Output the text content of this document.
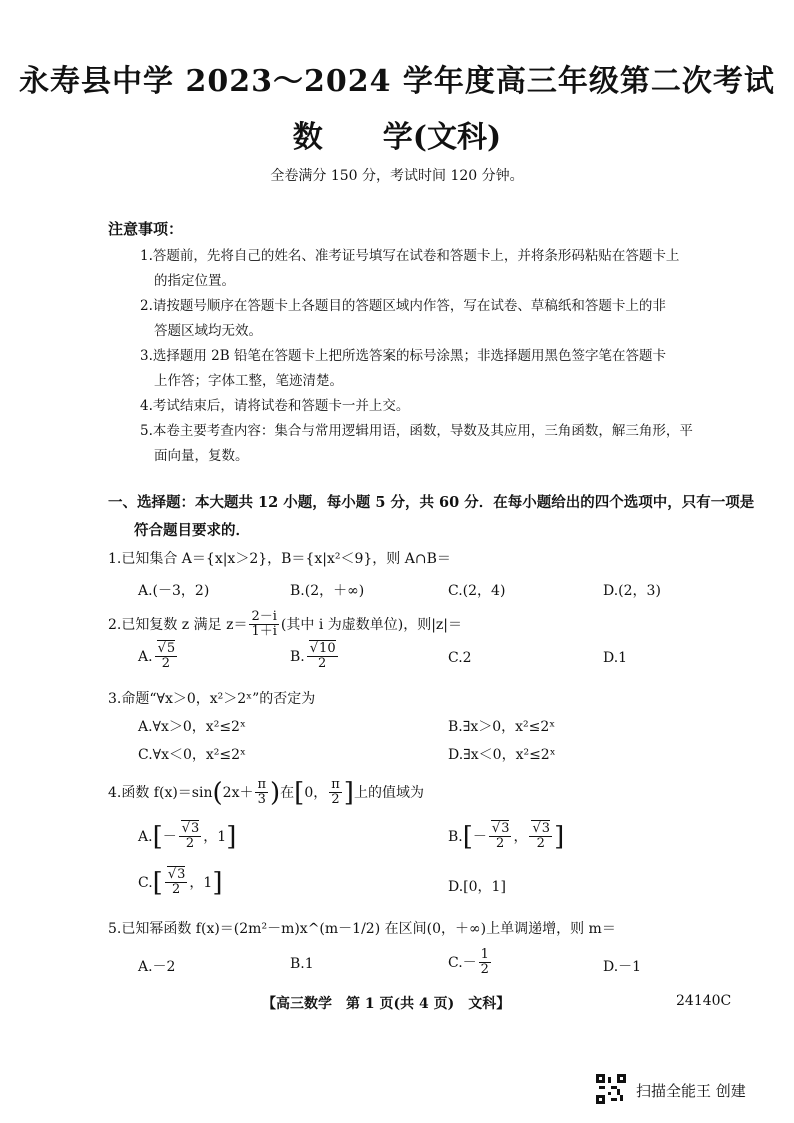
永寿县中学 2023～2024 学年度高三年级第二次考试
数 学(文科)
全卷满分 150 分，考试时间 120 分钟。
注意事项：
1.答题前，先将自己的姓名、准考证号填写在试卷和答题卡上，并将条形码粘贴在答题卡上
的指定位置。
2.请按题号顺序在答题卡上各题目的答题区域内作答，写在试卷、草稿纸和答题卡上的非
答题区域均无效。
3.选择题用 2B 铅笔在答题卡上把所选答案的标号涂黑；非选择题用黑色签字笔在答题卡
上作答；字体工整，笔迹清楚。
4.考试结束后，请将试卷和答题卡一并上交。
5.本卷主要考查内容：集合与常用逻辑用语，函数，导数及其应用，三角函数，解三角形，平
面向量，复数。
一、选择题：本大题共 12 小题，每小题 5 分，共 60 分．在每小题给出的四个选项中，只有一项是
符合题目要求的．
1.已知集合 A＝{x|x＞2}，B＝{x|x²＜9}，则 A∩B＝
A.(－3，2)	B.(2，＋∞)	C.(2，4)	D.(2，3)
2.已知复数 z 满足 $z= \frac{2-i}{1+i}$ (其中 i 为虚数单位)，则|z|＝
A. √ $\frac{5}{2}$	B. √ $\frac{10}{2}$	C.2	D.1
3.命题“∀x＞0，x²＞2ˣ”的否定为
A.∀x＞0，x²≤2ˣ	B.∃x＞0，x²≤2ˣ
C.∀x＜0，x²≤2ˣ	D.∃x＜0，x²≤2ˣ
4.函数 $f(x)=\sin(2x+ \frac{\pi}{3}$ )在[0， $\frac{\pi}{2}$ ]上的值域为
A.[－ √ $\frac{3}{2}$ ，1]	B.[－ √ $\frac{3}{2}$ ， √ $\frac{3}{2}$ ]
C.[ √ $\frac{3}{2}$ ，1]	D.[0，1]
5.已知幂函数 f(x)＝(2m²－m)x^(m－1/2) 在区间(0，＋∞)上单调递增，则 m＝
A.－2	B.1	$C.- \frac{1}{2}$	D.－1
【高三数学　第 1 页(共 4 页)　文科】	24140C
扫描全能王 创建
